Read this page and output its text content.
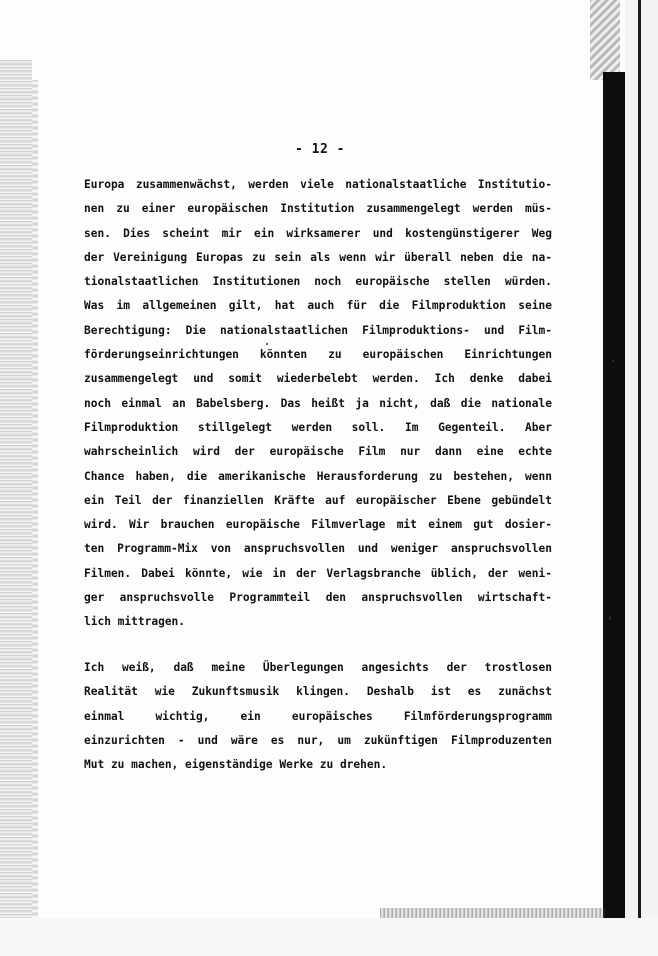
- 12 -
Europa zusammenwächst, werden viele nationalstaatliche Institutio-
nen zu einer europäischen Institution zusammengelegt werden müs-
sen. Dies scheint mir ein wirksamerer und kostengünstigerer Weg
der Vereinigung Europas zu sein als wenn wir überall neben die na-
tionalstaatlichen Institutionen noch europäische stellen würden.
Was im allgemeinen gilt, hat auch für die Filmproduktion seine
Berechtigung: Die nationalstaatlichen Filmproduktions- und Film-
förderungseinrichtungen könnten zu europäischen Einrichtungen
zusammengelegt und somit wiederbelebt werden. Ich denke dabei
noch einmal an Babelsberg. Das heißt ja nicht, daß die nationale
Filmproduktion stillgelegt werden soll. Im Gegenteil. Aber
wahrscheinlich wird der europäische Film nur dann eine echte
Chance haben, die amerikanische Herausforderung zu bestehen, wenn
ein Teil der finanziellen Kräfte auf europäischer Ebene gebündelt
wird. Wir brauchen europäische Filmverlage mit einem gut dosier-
ten Programm-Mix von anspruchsvollen und weniger anspruchsvollen
Filmen. Dabei könnte, wie in der Verlagsbranche üblich, der weni-
ger anspruchsvolle Programmteil den anspruchsvollen wirtschaft-
lich mittragen.
Ich weiß, daß meine Überlegungen angesichts der trostlosen
Realität wie Zukunftsmusik klingen. Deshalb ist es zunächst
einmal wichtig, ein europäisches Filmförderungsprogramm
einzurichten - und wäre es nur, um zukünftigen Filmproduzenten
Mut zu machen, eigenständige Werke zu drehen.
